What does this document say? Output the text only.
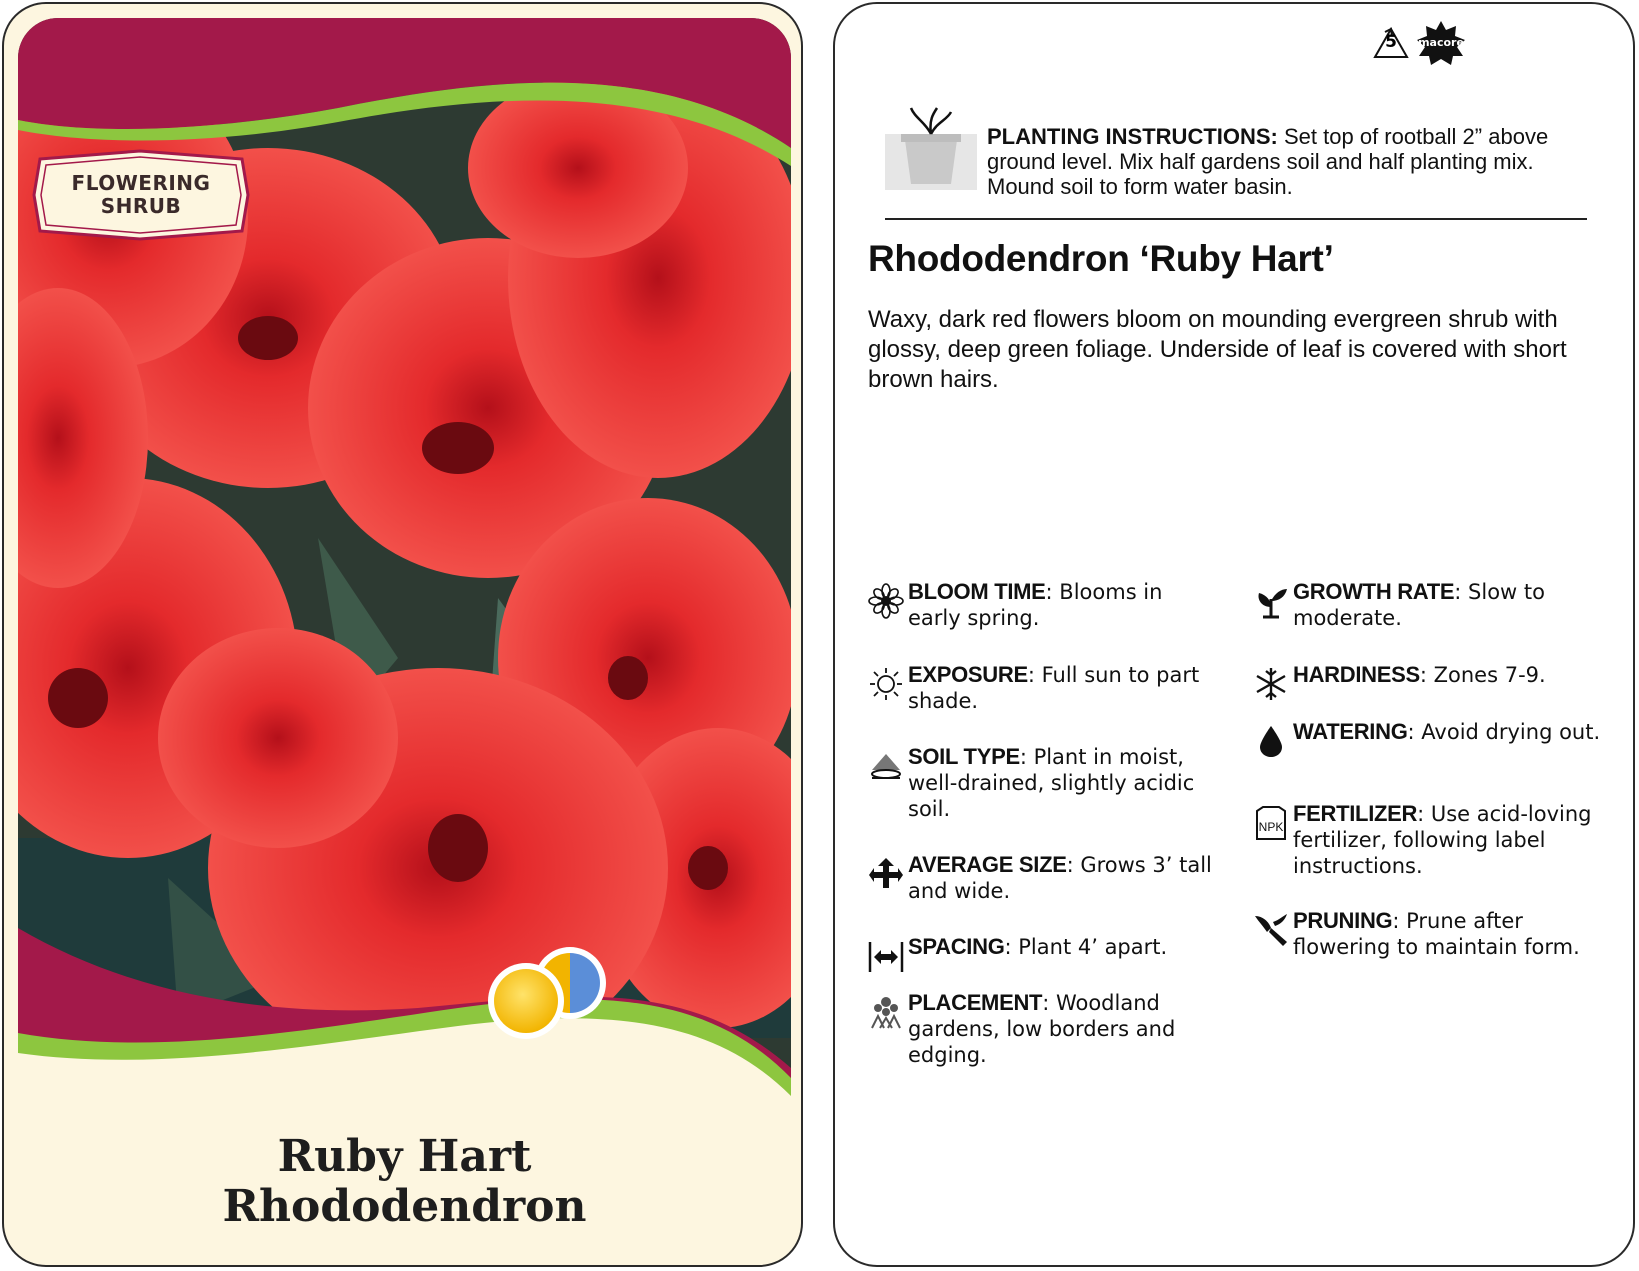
FLOWERING
SHRUB
Ruby Hart
Rhododendron
5	macore
PLANTING INSTRUCTIONS: Set top of rootball 2” above ground level. Mix half gardens soil and half planting mix. Mound soil to form water basin.
Rhododendron ‘Ruby Hart’
Waxy, dark red flowers bloom on mounding evergreen shrub with glossy, deep green foliage. Underside of leaf is covered with short brown hairs.
BLOOM TIME: Blooms in early spring.
EXPOSURE: Full sun to part shade.
SOIL TYPE: Plant in moist, well-drained, slightly acidic soil.
AVERAGE SIZE: Grows 3’ tall and wide.
SPACING: Plant 4’ apart.
PLACEMENT: Woodland gardens, low borders and edging.
GROWTH RATE: Slow to moderate.
HARDINESS: Zones 7-9.
WATERING: Avoid drying out.
NPK
FERTILIZER: Use acid-loving fertilizer, following label instructions.
PRUNING: Prune after flowering to maintain form.
